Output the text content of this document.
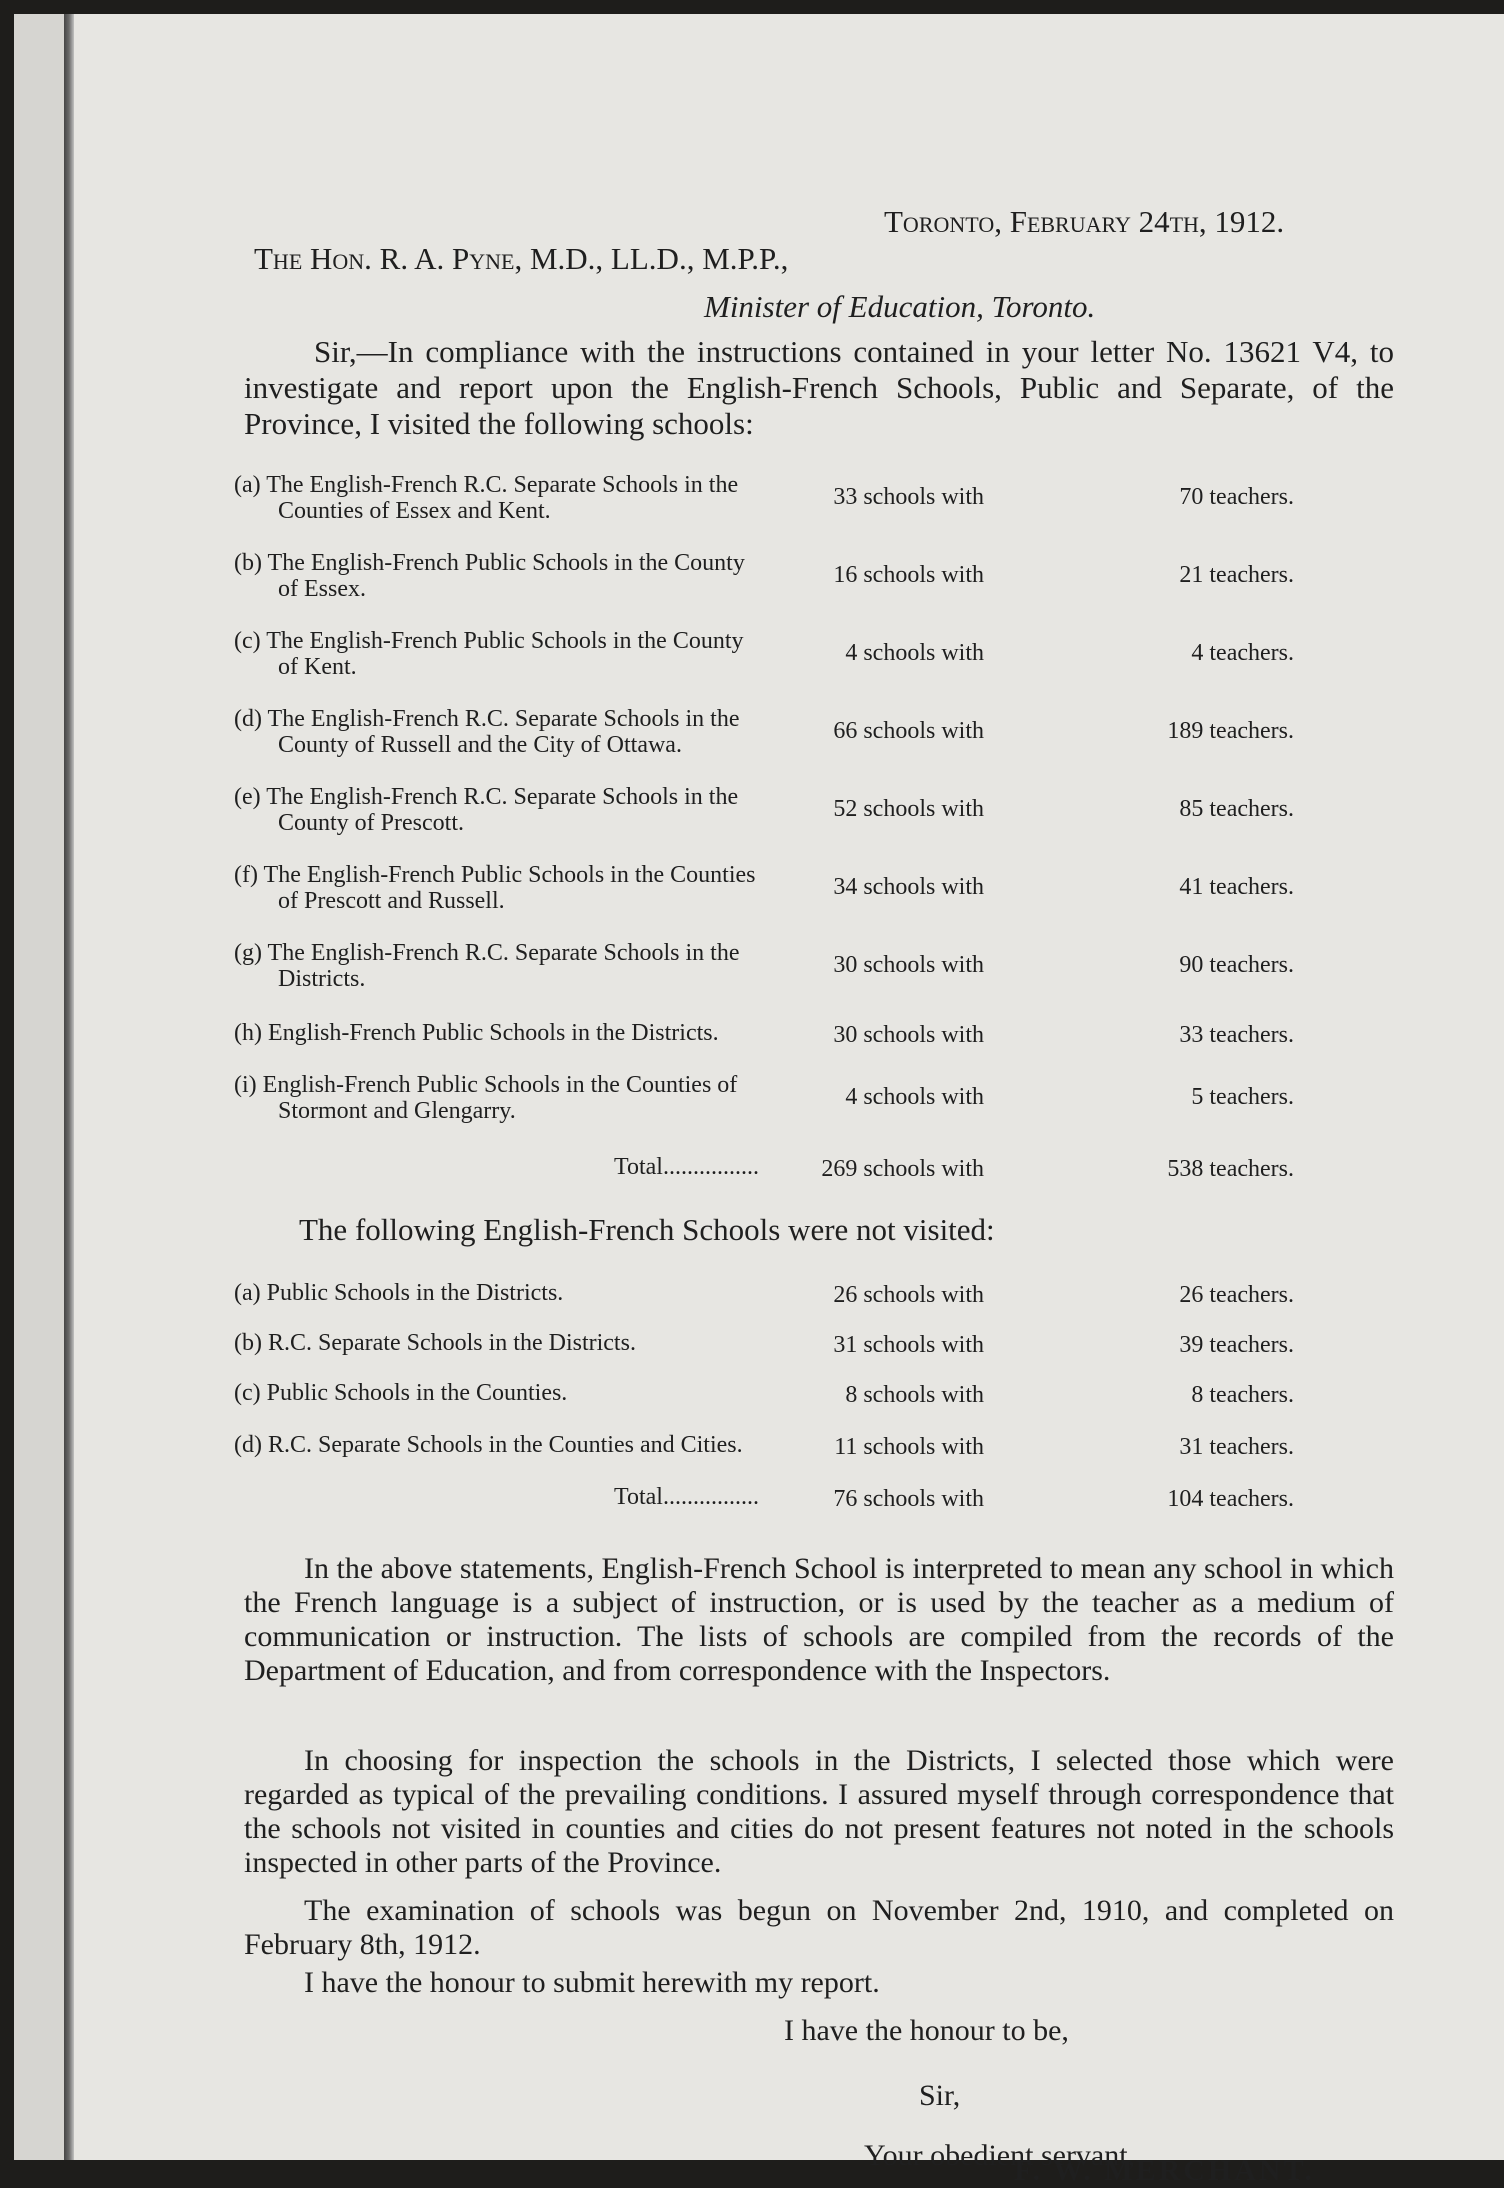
Toronto, February 24th, 1912.
The Hon. R. A. Pyne, M.D., LL.D., M.P.P.,
Minister of Education, Toronto.
Sir,—In compliance with the instructions contained in your letter No. 13621 V4, to investigate and report upon the English-French Schools, Public and Separate, of the Province, I visited the following schools:
(a) The English-French R.C. Separate Schools in the
Counties of Essex and Kent.
33 schools with	70 teachers.
(b) The English-French Public Schools in the County
of Essex.
16 schools with	21 teachers.
(c) The English-French Public Schools in the County
of Kent.
4 schools with	4 teachers.
(d) The English-French R.C. Separate Schools in the
County of Russell and the City of Ottawa.
66 schools with	189 teachers.
(e) The English-French R.C. Separate Schools in the
County of Prescott.
52 schools with	85 teachers.
(f) The English-French Public Schools in the Counties
of Prescott and Russell.
34 schools with	41 teachers.
(g) The English-French R.C. Separate Schools in the
Districts.
30 schools with	90 teachers.
(h) English-French Public Schools in the Districts.	30 schools with	33 teachers.
(i) English-French Public Schools in the Counties of
Stormont and Glengarry.
4 schools with	5 teachers.
Total................	269 schools with	538 teachers.
The following English-French Schools were not visited:
(a) Public Schools in the Districts.	26 schools with	26 teachers.
(b) R.C. Separate Schools in the Districts.	31 schools with	39 teachers.
(c) Public Schools in the Counties.	8 schools with	8 teachers.
(d) R.C. Separate Schools in the Counties and Cities.	11 schools with	31 teachers.
Total................	76 schools with	104 teachers.
In the above statements, English-French School is interpreted to mean any school in which the French language is a subject of instruction, or is used by the teacher as a medium of communication or instruction. The lists of schools are compiled from the records of the Department of Education, and from correspondence with the Inspectors.
In choosing for inspection the schools in the Districts, I selected those which were regarded as typical of the prevailing conditions. I assured myself through correspondence that the schools not visited in counties and cities do not present features not noted in the schools inspected in other parts of the Province.
The examination of schools was begun on November 2nd, 1910, and completed on February 8th, 1912.
I have the honour to submit herewith my report.
I have the honour to be,
Sir,
Your obedient servant,
F. W. MERCHANT.
